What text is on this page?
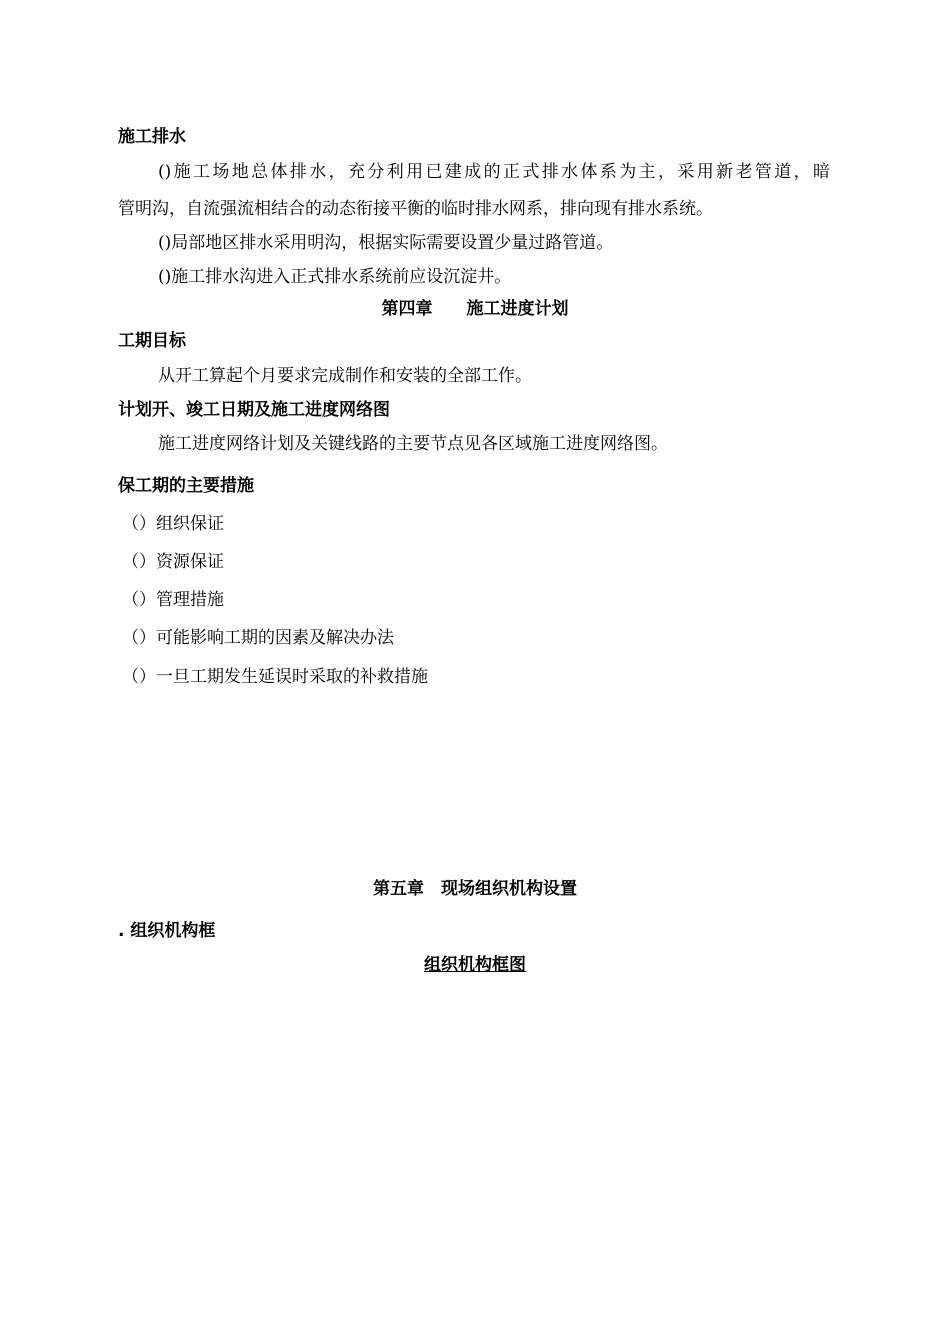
施工排水
()施工场地总体排水，充分利用已建成的正式排水体系为主，采用新老管道，暗
管明沟，自流强流相结合的动态衔接平衡的临时排水网系，排向现有排水系统。
()局部地区排水采用明沟，根据实际需要设置少量过路管道。
()施工排水沟进入正式排水系统前应设沉淀井。
第四章　　施工进度计划
工期目标
从开工算起个月要求完成制作和安装的全部工作。
计划开、竣工日期及施工进度网络图
施工进度网络计划及关键线路的主要节点见各区域施工进度网络图。
保工期的主要措施
（）组织保证
（）资源保证
（）管理措施
（）可能影响工期的因素及解决办法
（）一旦工期发生延误时采取的补救措施
第五章　现场组织机构设置
. 组织机构框
组织机构框图
